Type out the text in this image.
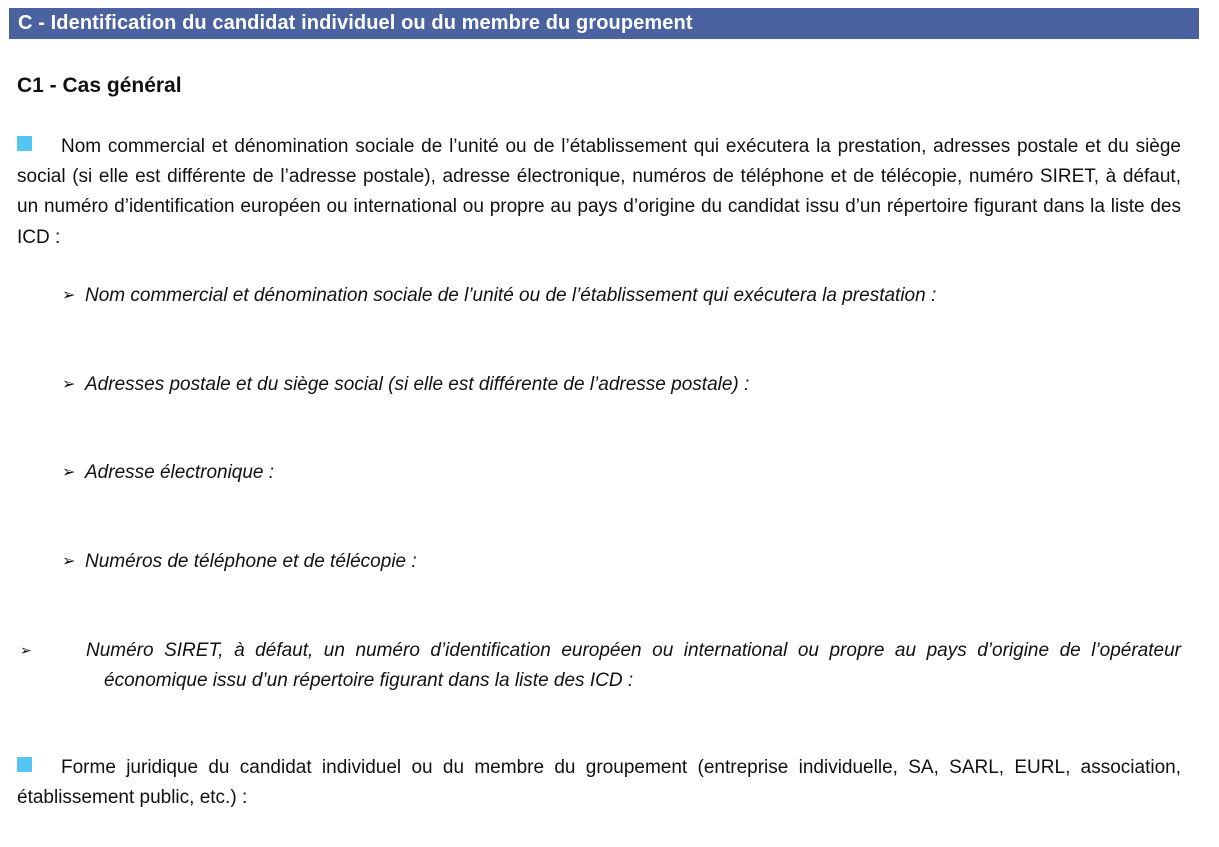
C - Identification du candidat individuel ou du membre du groupement
C1 - Cas général
Nom commercial et dénomination sociale de l’unité ou de l’établissement qui exécutera la prestation, adresses postale et du siège social (si elle est différente de l’adresse postale), adresse électronique, numéros de téléphone et de télécopie, numéro SIRET, à défaut, un numéro d’identification européen ou international ou propre au pays d’origine du candidat issu d’un répertoire figurant dans la liste des ICD :
➢ Nom commercial et dénomination sociale de l’unité ou de l’établissement qui exécutera la prestation :
➢ Adresses postale et du siège social (si elle est différente de l’adresse postale) :
➢ Adresse électronique :
➢ Numéros de téléphone et de télécopie :
➢	Numéro SIRET, à défaut, un numéro d’identification européen ou international ou propre au pays d’origine de l’opérateur économique issu d’un répertoire figurant dans la liste des ICD :
Forme juridique du candidat individuel ou du membre du groupement (entreprise individuelle, SA, SARL, EURL, association, établissement public, etc.) :
